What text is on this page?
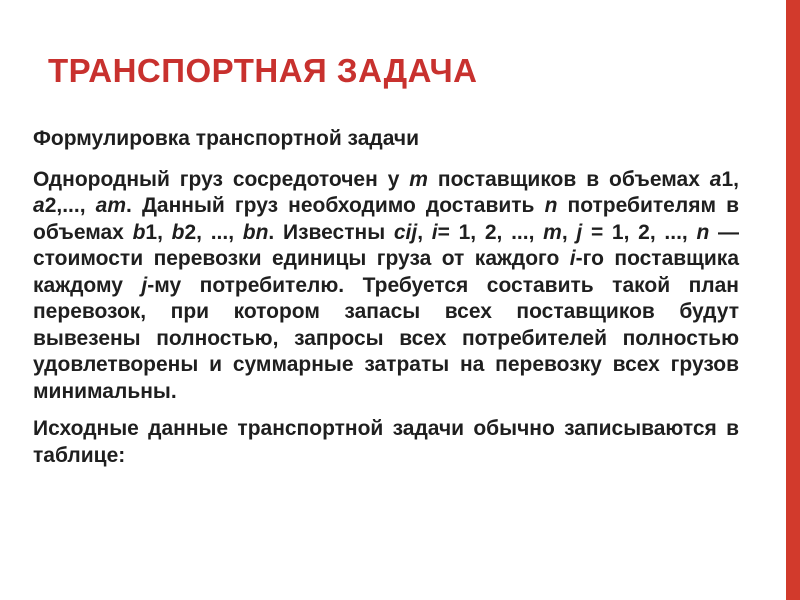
ТРАНСПОРТНАЯ ЗАДАЧА

Формулировка транспортной задачи

Однородный груз сосредоточен у m поставщиков в объемах a1, a2,..., am. Данный груз необходимо доставить n потребителям в объемах b1, b2, ..., bn. Известны cij, i= 1, 2, ..., m, j = 1, 2, ..., n — стоимости перевозки единицы груза от каждого i-го поставщика каждому j-му потребителю. Требуется составить такой план перевозок, при котором запасы всех поставщиков будут вывезены полностью, запросы всех потребителей полностью удовлетворены и суммарные затраты на перевозку всех грузов минимальны.

Исходные данные транспортной задачи обычно записываются в таблице:
